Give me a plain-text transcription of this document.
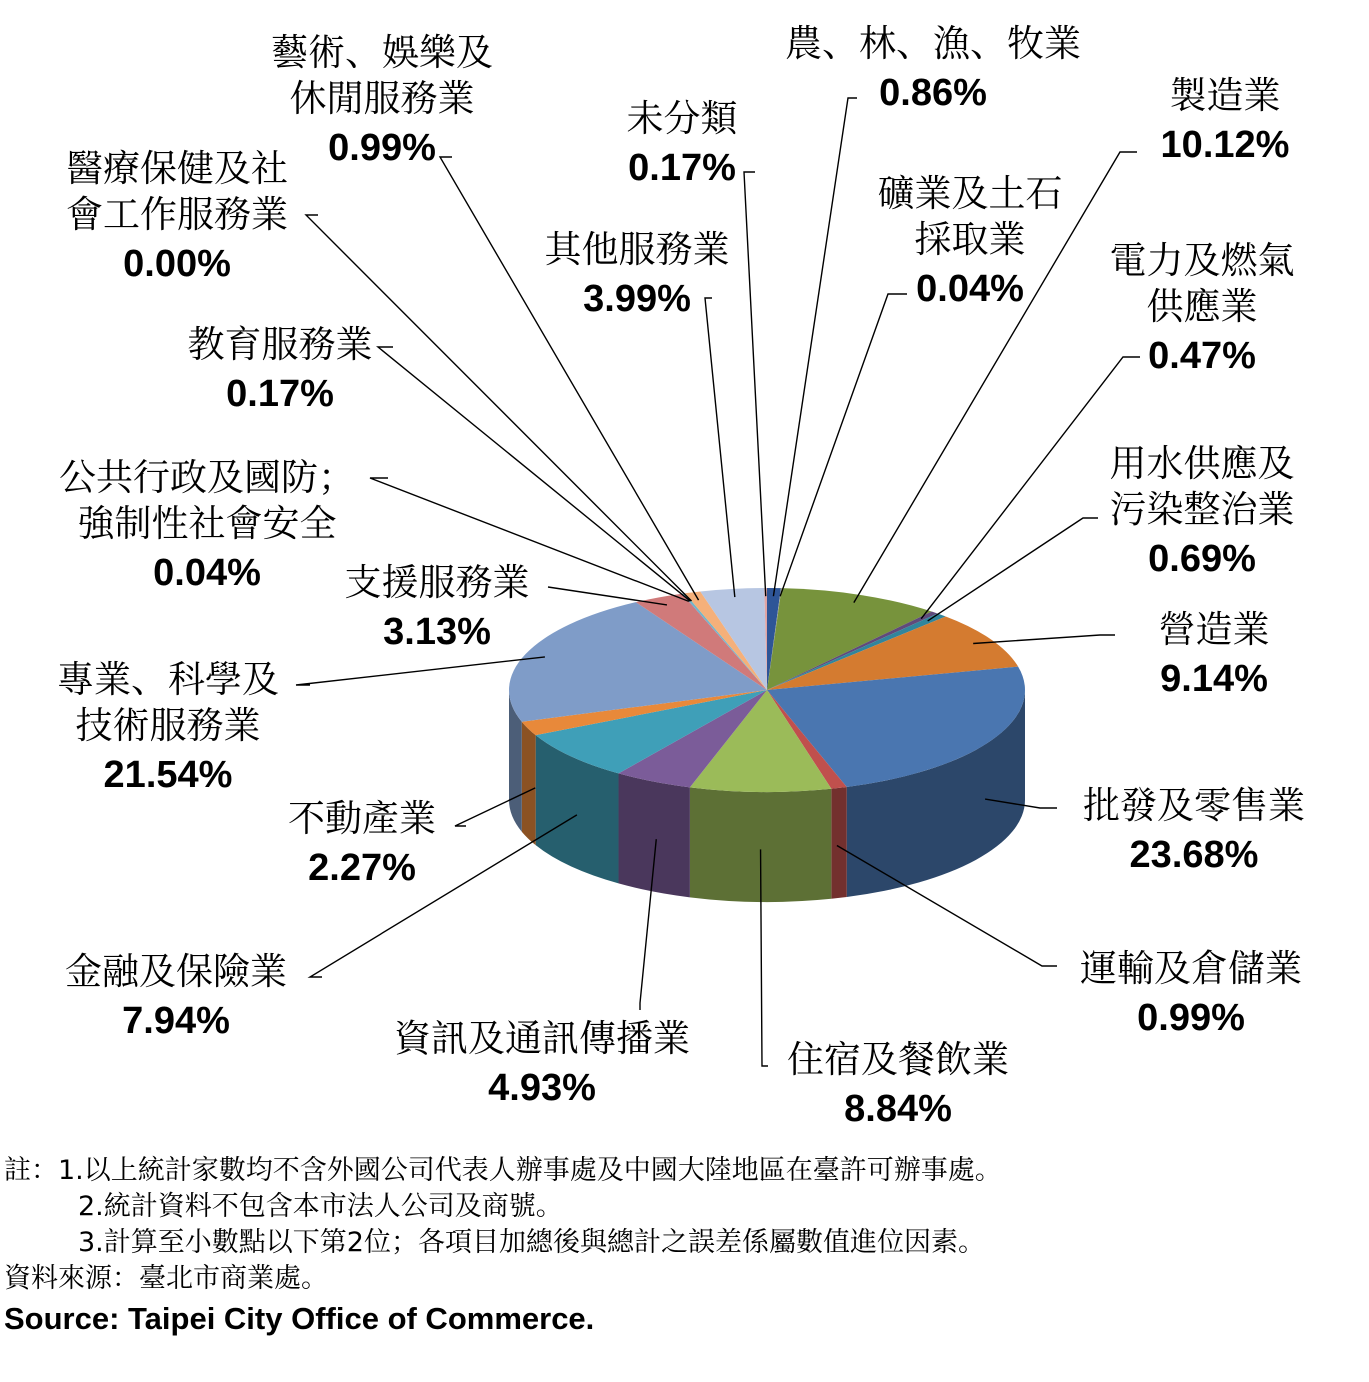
農、林、漁、牧業 0.86%
礦業及土石採取業 0.04%
製造業 10.12%
電力及燃氣供應業 0.47%
用水供應及污染整治業 0.69%
營造業 9.14%
批發及零售業 23.68%
運輸及倉儲業 0.99%
住宿及餐飲業 8.84%
資訊及通訊傳播業 4.93%
金融及保險業 7.94%
不動產業 2.27%
專業、科學及技術服務業 21.54%
支援服務業 3.13%
公共行政及國防；強制性社會安全 0.04%
教育服務業 0.17%
醫療保健及社會工作服務業 0.00%
藝術、娛樂及休閒服務業 0.99%
其他服務業 3.99%
未分類 0.17%
註：1.以上統計家數均不含外國公司代表人辦事處及中國大陸地區在臺許可辦事處。
2.統計資料不包含本市法人公司及商號。
3.計算至小數點以下第2位；各項目加總後與總計之誤差係屬數值進位因素。
資料來源：臺北市商業處。
Source: Taipei City Office of Commerce.
